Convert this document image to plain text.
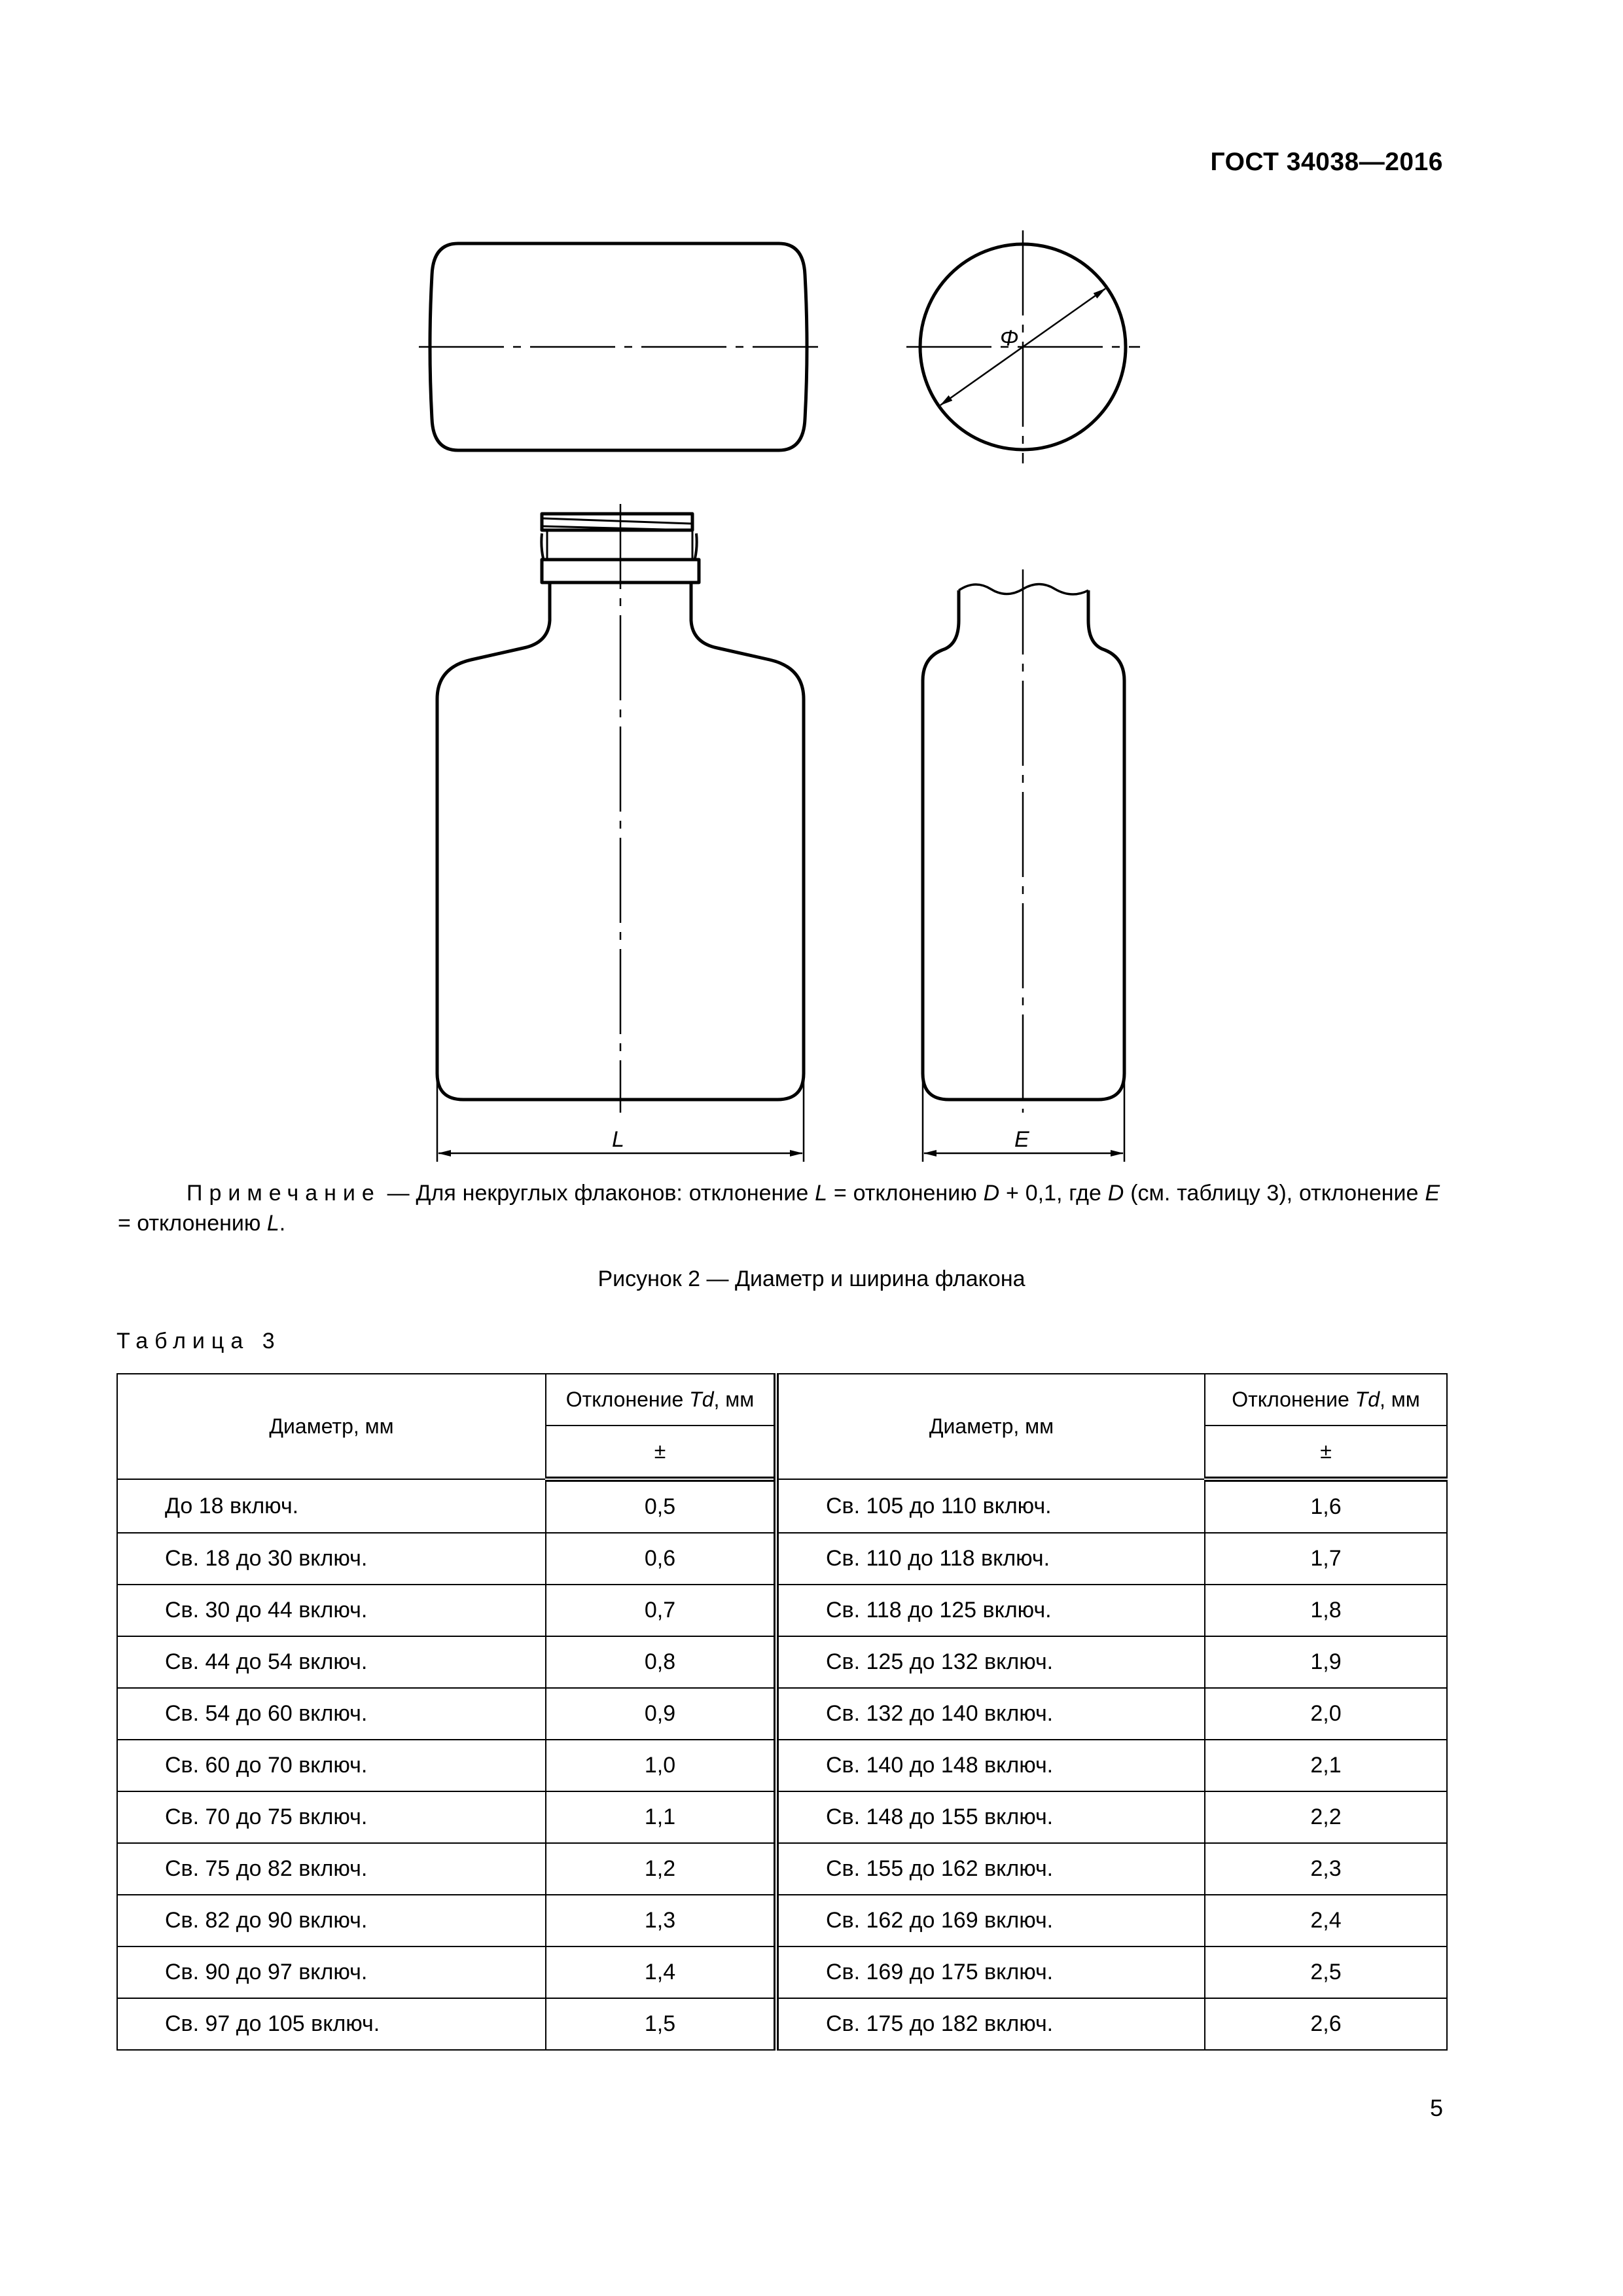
ГОСТ 34038—2016
Φ
L	E
Примечание — Для некруглых флаконов: отклонение L = отклонению D + 0,1, где D (см. таблицу 3), отклонение E = отклонению L.
Рисунок 2 — Диаметр и ширина флакона
Таблица 3
Диаметр, мм	Отклонение Td, мм	Диаметр, мм	Отклонение Td, мм
	±		±
До 18 включ.	0,5	Св. 105 до 110 включ.	1,6
Св. 18 до 30 включ.	0,6	Св. 110 до 118 включ.	1,7
Св. 30 до 44 включ.	0,7	Св. 118 до 125 включ.	1,8
Св. 44 до 54 включ.	0,8	Св. 125 до 132 включ.	1,9
Св. 54 до 60 включ.	0,9	Св. 132 до 140 включ.	2,0
Св. 60 до 70 включ.	1,0	Св. 140 до 148 включ.	2,1
Св. 70 до 75 включ.	1,1	Св. 148 до 155 включ.	2,2
Св. 75 до 82 включ.	1,2	Св. 155 до 162 включ.	2,3
Св. 82 до 90 включ.	1,3	Св. 162 до 169 включ.	2,4
Св. 90 до 97 включ.	1,4	Св. 169 до 175 включ.	2,5
Св. 97 до 105 включ.	1,5	Св. 175 до 182 включ.	2,6
5
